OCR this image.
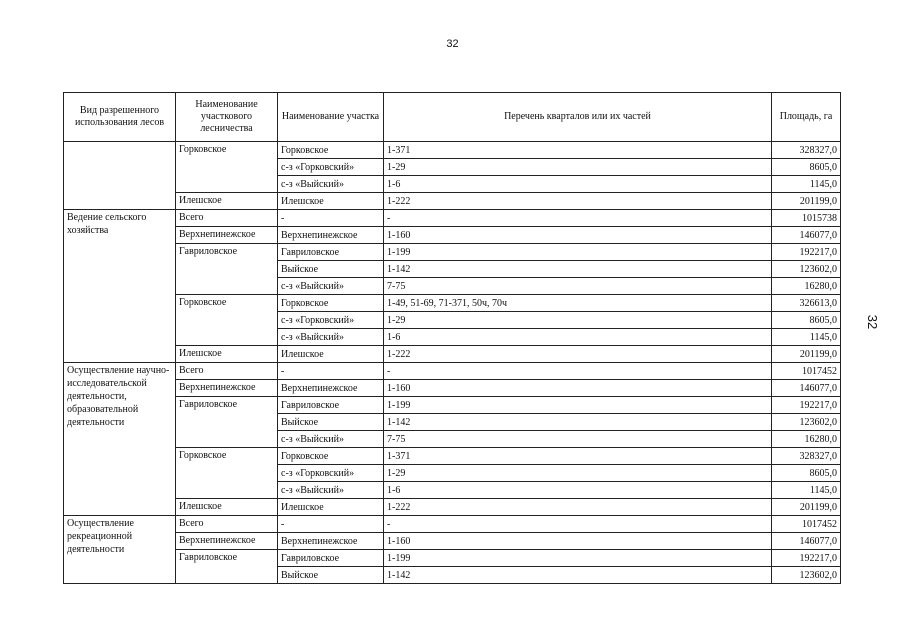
32
32
Вид разрешенного использования лесов	Наименование участкового лесничества	Наименование участка	Перечень кварталов или их частей	Площадь, га
	Горковское	Горковское	1-371	328327,0
		с-з «Горковский»	1-29	8605,0
		с-з «Выйский»	1-6	1145,0
	Илешское	Илешское	1-222	201199,0
Ведение сельского хозяйства	Всего	-	-	1015738
	Верхнепинежское	Верхнепинежское	1-160	146077,0
	Гавриловское	Гавриловское	1-199	192217,0
		Выйское	1-142	123602,0
		с-з «Выйский»	7-75	16280,0
	Горковское	Горковское	1-49, 51-69, 71-371, 50ч, 70ч	326613,0
		с-з «Горковский»	1-29	8605,0
		с-з «Выйский»	1-6	1145,0
	Илешское	Илешское	1-222	201199,0
Осуществление научно-исследовательской деятельности, образовательной деятельности	Всего	-	-	1017452
	Верхнепинежское	Верхнепинежское	1-160	146077,0
	Гавриловское	Гавриловское	1-199	192217,0
		Выйское	1-142	123602,0
		с-з «Выйский»	7-75	16280,0
	Горковское	Горковское	1-371	328327,0
		с-з «Горковский»	1-29	8605,0
		с-з «Выйский»	1-6	1145,0
	Илешское	Илешское	1-222	201199,0
Осуществление рекреационной деятельности	Всего	-	-	1017452
	Верхнепинежское	Верхнепинежское	1-160	146077,0
	Гавриловское	Гавриловское	1-199	192217,0
		Выйское	1-142	123602,0
